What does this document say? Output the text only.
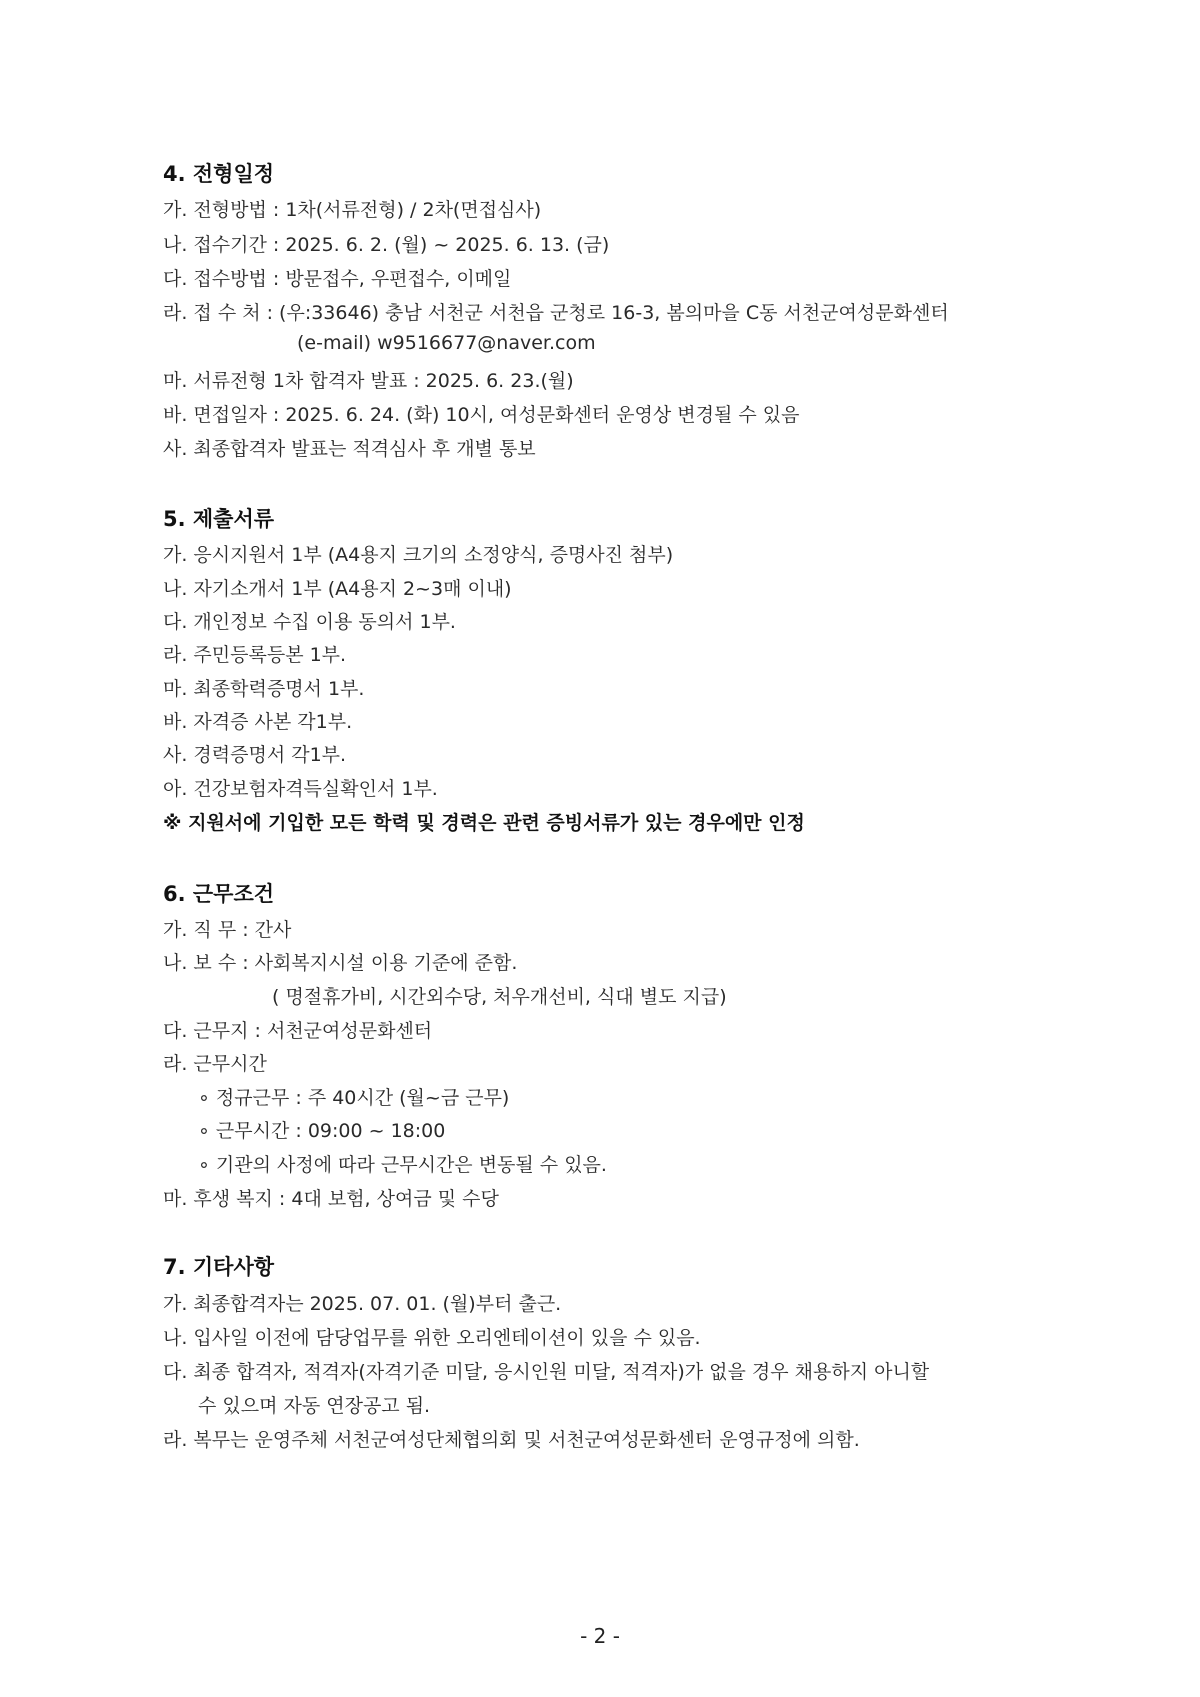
4. 전형일정
가. 전형방법 : 1차(서류전형) / 2차(면접심사)
나. 접수기간 : 2025. 6. 2. (월) ~ 2025. 6. 13. (금)
다. 접수방법 : 방문접수, 우편접수, 이메일
라. 접 수 처 : (우:33646) 충남 서천군 서천읍 군청로 16-3, 봄의마을 C동 서천군여성문화센터
(e-mail) w9516677@naver.com
마. 서류전형 1차 합격자 발표 : 2025. 6. 23.(월)
바. 면접일자 : 2025. 6. 24. (화) 10시, 여성문화센터 운영상 변경될 수 있음
사. 최종합격자 발표는 적격심사 후 개별 통보
5. 제출서류
가. 응시지원서 1부 (A4용지 크기의 소정양식, 증명사진 첨부)
나. 자기소개서 1부 (A4용지 2~3매 이내)
다. 개인정보 수집 이용 동의서 1부.
라. 주민등록등본 1부.
마. 최종학력증명서 1부.
바. 자격증 사본 각1부.
사. 경력증명서 각1부.
아. 건강보험자격득실확인서 1부.
※ 지원서에 기입한 모든 학력 및 경력은 관련 증빙서류가 있는 경우에만 인정
6. 근무조건
가. 직 무 : 간사
나. 보 수 : 사회복지시설 이용 기준에 준함.
( 명절휴가비, 시간외수당, 처우개선비, 식대 별도 지급)
다. 근무지 : 서천군여성문화센터
라. 근무시간
∘ 정규근무 : 주 40시간 (월~금 근무)
∘ 근무시간 : 09:00 ~ 18:00
∘ 기관의 사정에 따라 근무시간은 변동될 수 있음.
마. 후생 복지 : 4대 보험, 상여금 및 수당
7. 기타사항
가. 최종합격자는 2025. 07. 01. (월)부터 출근.
나. 입사일 이전에 담당업무를 위한 오리엔테이션이 있을 수 있음.
다. 최종 합격자, 적격자(자격기준 미달, 응시인원 미달, 적격자)가 없을 경우 채용하지 아니할
수 있으며 자동 연장공고 됨.
라. 복무는 운영주체 서천군여성단체협의회 및 서천군여성문화센터 운영규정에 의함.
- 2 -
